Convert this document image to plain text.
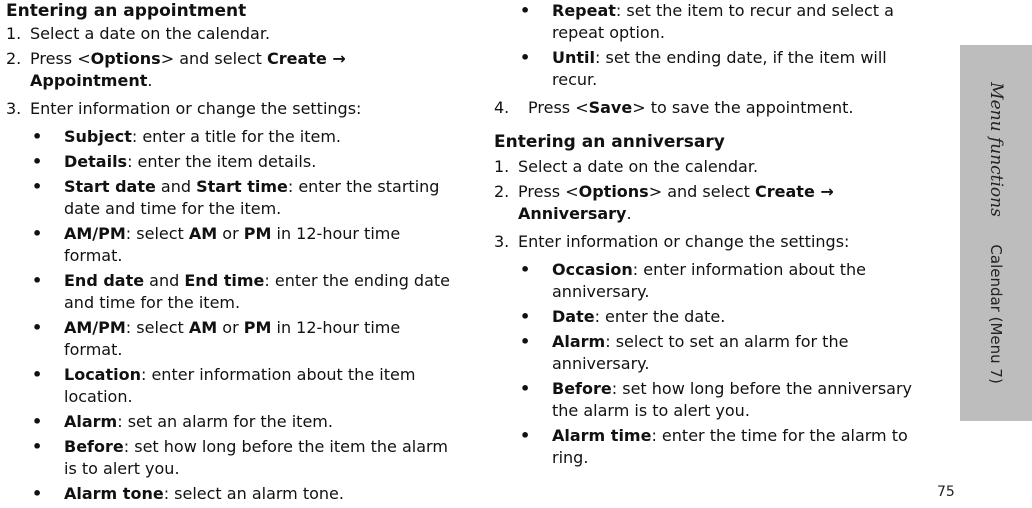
Entering an appointment
1. Select a date on the calendar.
2. Press <Options> and select Create →
Appointment.
3. Enter information or change the settings:
• Subject: enter a title for the item.
• Details: enter the item details.
• Start date and Start time: enter the starting date and time for the item.
• AM/PM: select AM or PM in 12-hour time format.
• End date and End time: enter the ending date and time for the item.
• AM/PM: select AM or PM in 12-hour time format.
• Location: enter information about the item location.
• Alarm: set an alarm for the item.
• Before: set how long before the item the alarm is to alert you.
• Alarm tone: select an alarm tone.
• Repeat: set the item to recur and select a repeat option.
• Until: set the ending date, if the item will recur.
4. Press <Save> to save the appointment.
Entering an anniversary
1. Select a date on the calendar.
2. Press <Options> and select Create →
Anniversary.
3. Enter information or change the settings:
• Occasion: enter information about the anniversary.
• Date: enter the date.
• Alarm: select to set an alarm for the anniversary.
• Before: set how long before the anniversary the alarm is to alert you.
• Alarm time: enter the time for the alarm to ring.
Menu functions  Calendar (Menu 7)
75
